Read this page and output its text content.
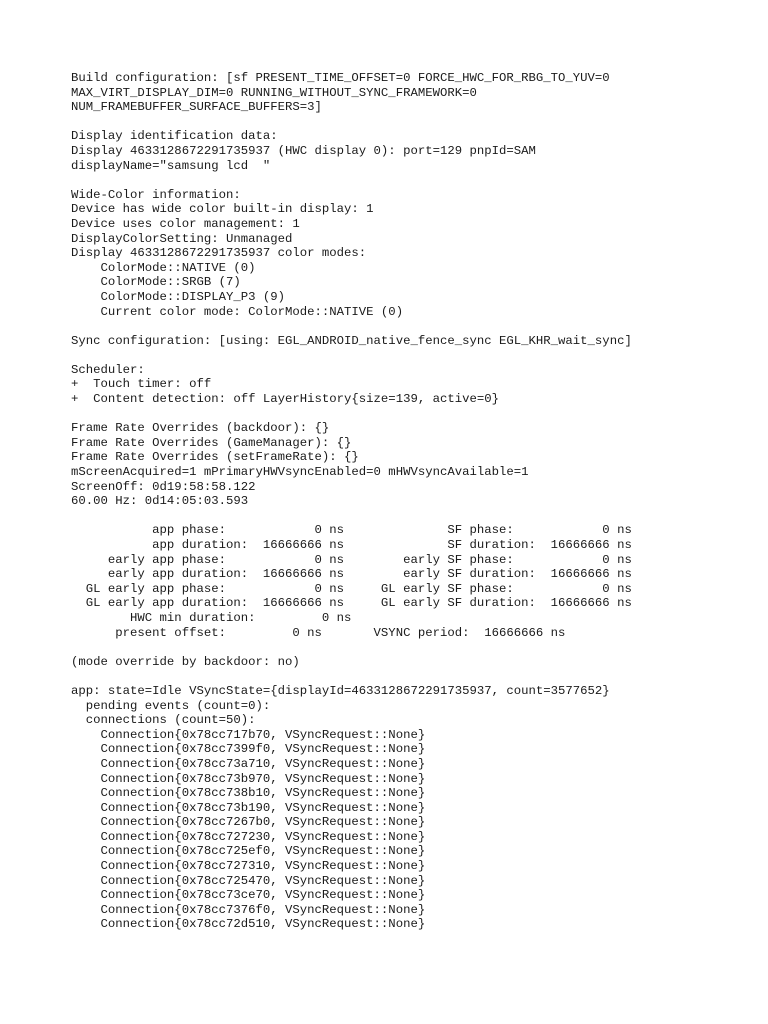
Build configuration: [sf PRESENT_TIME_OFFSET=0 FORCE_HWC_FOR_RBG_TO_YUV=0
MAX_VIRT_DISPLAY_DIM=0 RUNNING_WITHOUT_SYNC_FRAMEWORK=0
NUM_FRAMEBUFFER_SURFACE_BUFFERS=3]
Display identification data:
Display 4633128672291735937 (HWC display 0): port=129 pnpId=SAM
displayName="samsung lcd  "
Wide-Color information:
Device has wide color built-in display: 1
Device uses color management: 1
DisplayColorSetting: Unmanaged
Display 4633128672291735937 color modes:
ColorMode::NATIVE (0)
ColorMode::SRGB (7)
ColorMode::DISPLAY_P3 (9)
Current color mode: ColorMode::NATIVE (0)
Sync configuration: [using: EGL_ANDROID_native_fence_sync EGL_KHR_wait_sync]
Scheduler:
+  Touch timer: off
+  Content detection: off LayerHistory{size=139, active=0}
Frame Rate Overrides (backdoor): {}
Frame Rate Overrides (GameManager): {}
Frame Rate Overrides (setFrameRate): {}
mScreenAcquired=1 mPrimaryHWVsyncEnabled=0 mHWVsyncAvailable=1
ScreenOff: 0d19:58:58.122
60.00 Hz: 0d14:05:03.593
app phase:            0 ns              SF phase:            0 ns
app duration:  16666666 ns              SF duration:  16666666 ns
early app phase:            0 ns        early SF phase:            0 ns
early app duration:  16666666 ns        early SF duration:  16666666 ns
GL early app phase:            0 ns     GL early SF phase:            0 ns
GL early app duration:  16666666 ns     GL early SF duration:  16666666 ns
HWC min duration:         0 ns
present offset:         0 ns       VSYNC period:  16666666 ns
(mode override by backdoor: no)
app: state=Idle VSyncState={displayId=4633128672291735937, count=3577652}
pending events (count=0):
connections (count=50):
Connection{0x78cc717b70, VSyncRequest::None}
Connection{0x78cc7399f0, VSyncRequest::None}
Connection{0x78cc73a710, VSyncRequest::None}
Connection{0x78cc73b970, VSyncRequest::None}
Connection{0x78cc738b10, VSyncRequest::None}
Connection{0x78cc73b190, VSyncRequest::None}
Connection{0x78cc7267b0, VSyncRequest::None}
Connection{0x78cc727230, VSyncRequest::None}
Connection{0x78cc725ef0, VSyncRequest::None}
Connection{0x78cc727310, VSyncRequest::None}
Connection{0x78cc725470, VSyncRequest::None}
Connection{0x78cc73ce70, VSyncRequest::None}
Connection{0x78cc7376f0, VSyncRequest::None}
Connection{0x78cc72d510, VSyncRequest::None}
